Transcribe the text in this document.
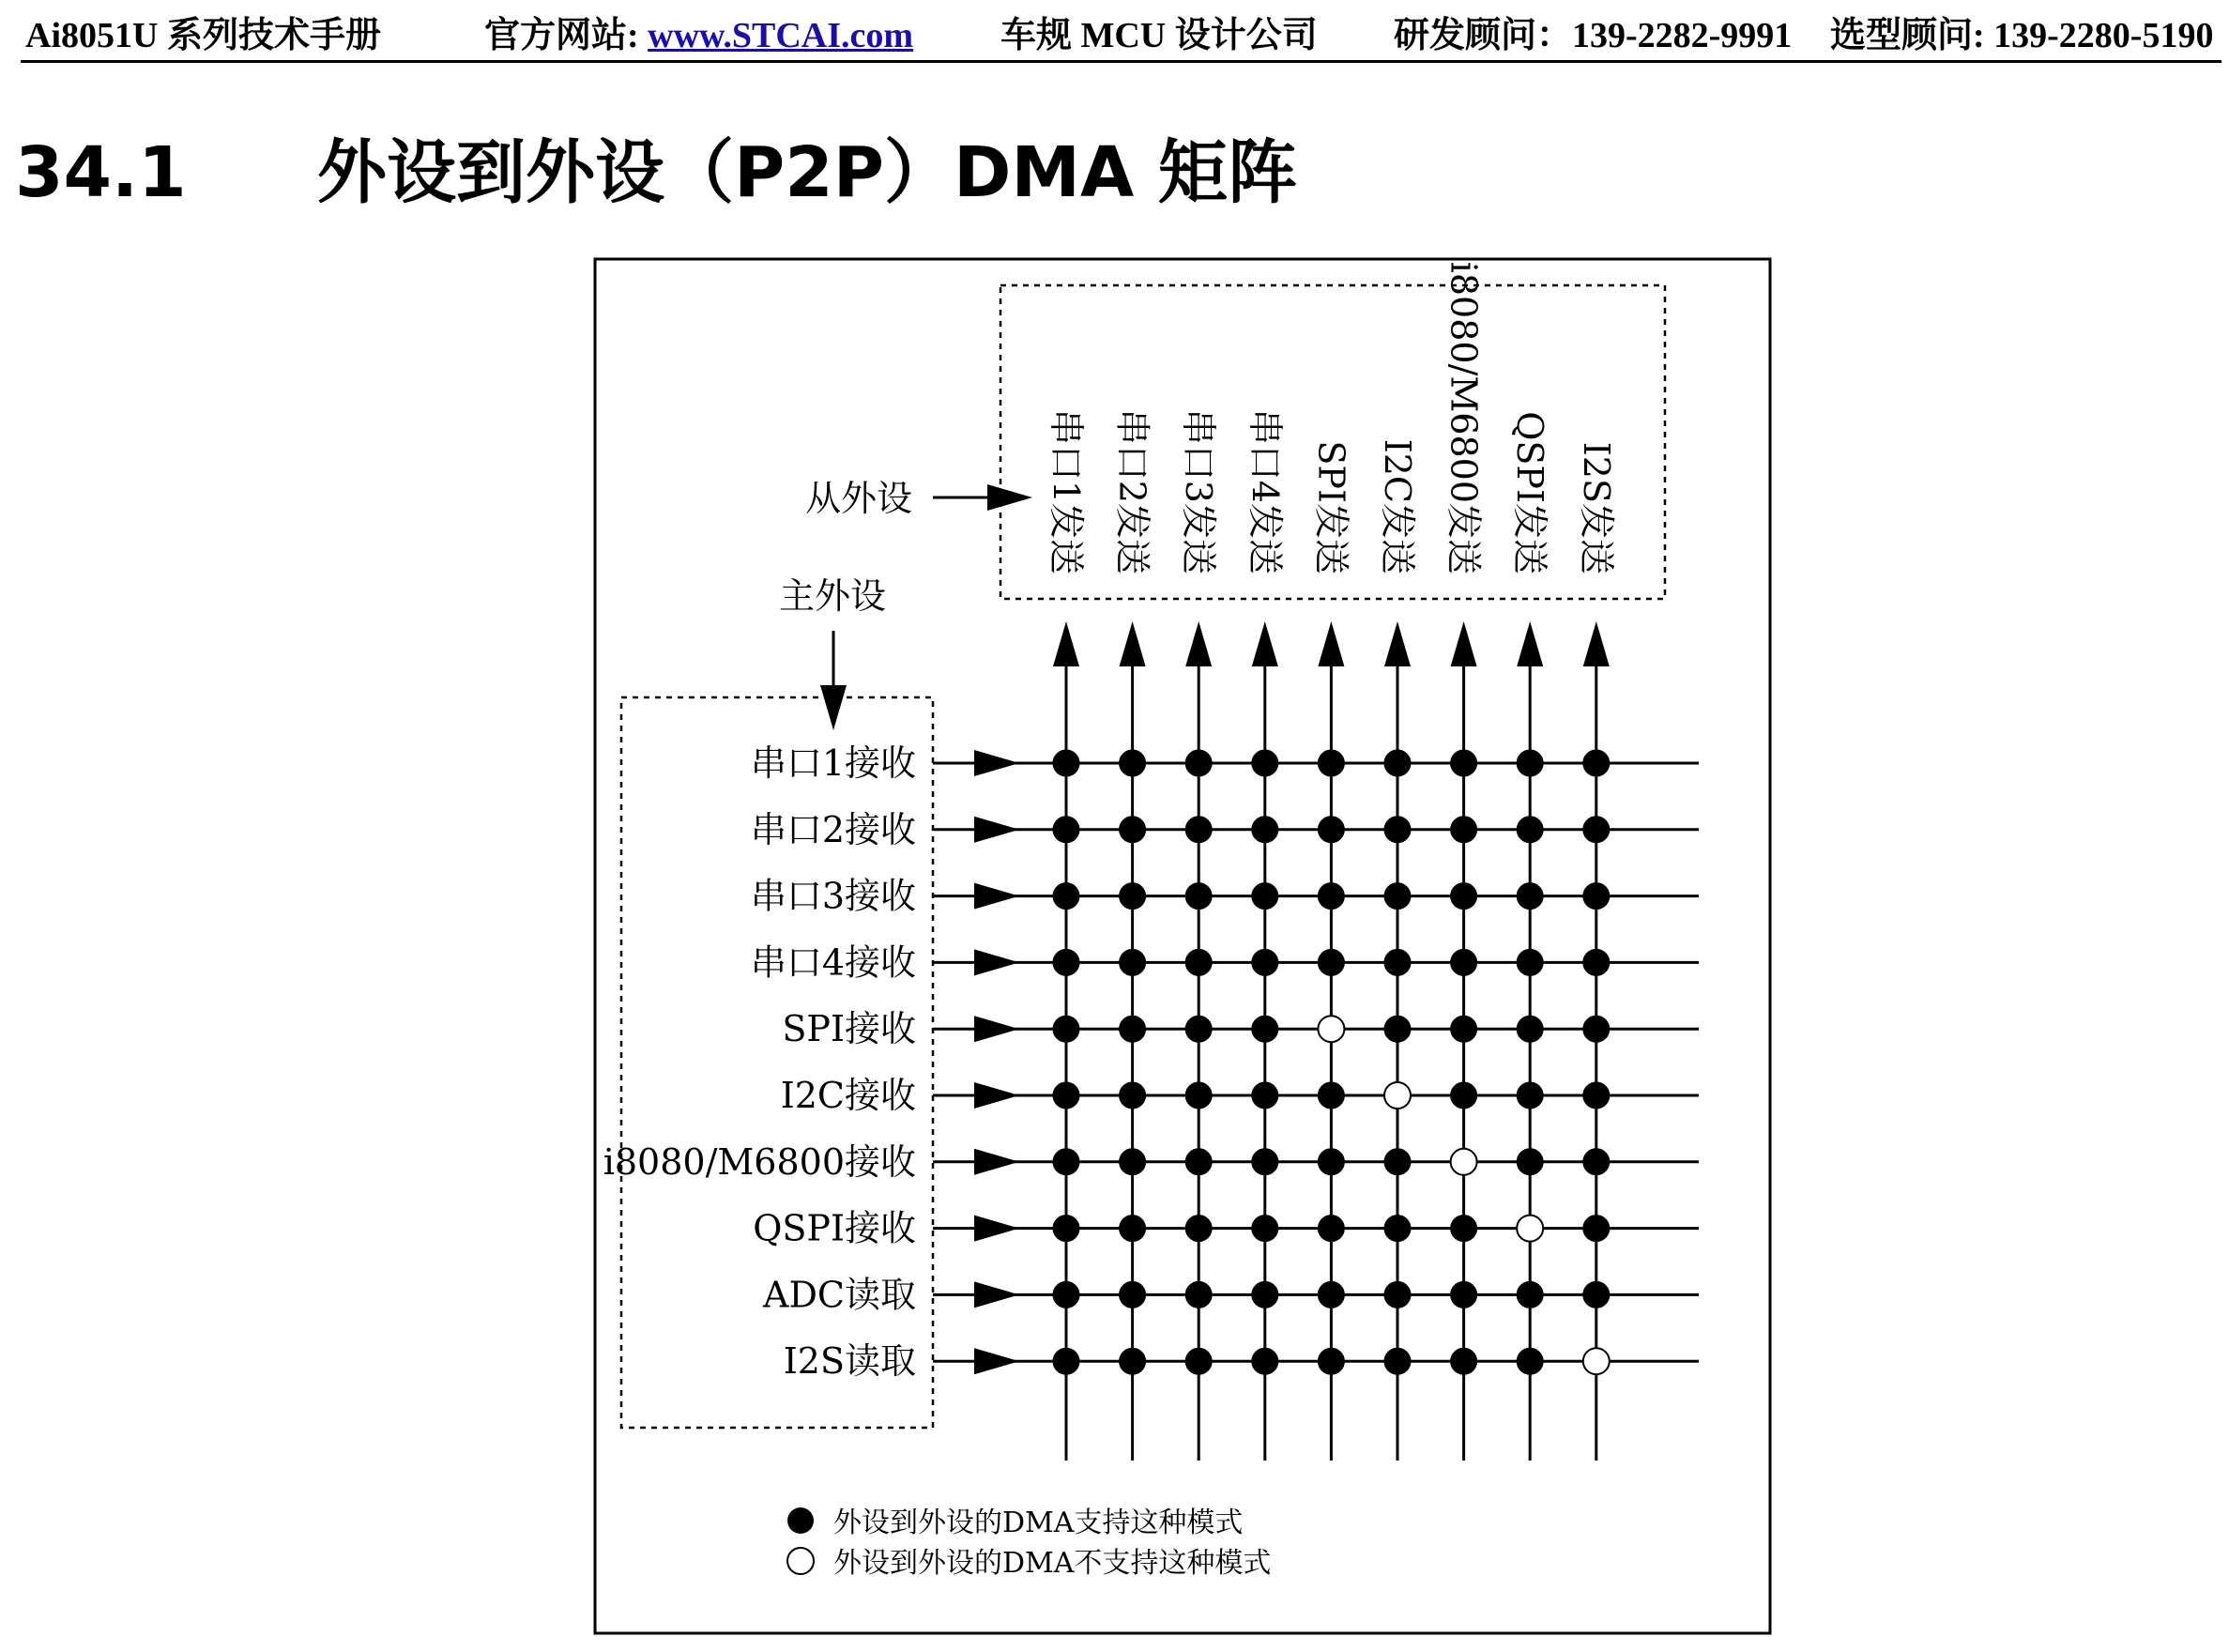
Ai8051U 系列技术手册	官方网站: www.STCAI.com 车规 MCU 设计公司 研发顾问：139-2282-9991 选型顾问: 139-2280-5190
34.1 外设到外设（P2P）DMA 矩阵
从外设
主外设
串口1发送 串口2发送 串口3发送 串口4发送 SPI发送 I2C发送 i8080/M6800发送 QSPI发送 I2S发送
串口1接收
串口2接收
串口3接收
串口4接收
SPI接收
I2C接收
i8080/M6800接收
QSPI接收
ADC读取
I2S读取
外设到外设的DMA支持这种模式
外设到外设的DMA不支持这种模式
